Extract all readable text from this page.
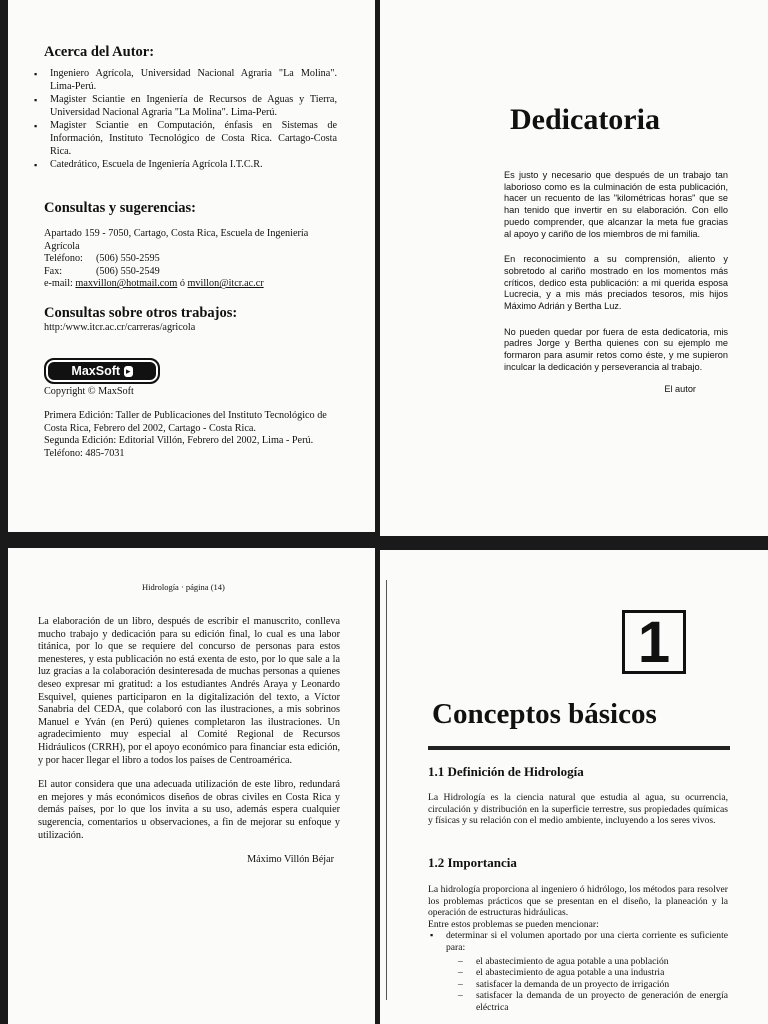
Acerca del Autor:
▪ Ingeniero Agrícola, Universidad Nacional Agraria "La Molina". Lima-Perú.
▪ Magister Sciantie en Ingeniería de Recursos de Aguas y Tierra, Universidad Nacional Agraria "La Molina". Lima-Perú.
▪ Magister Sciantie en Computación, énfasis en Sistemas de Información, Instituto Tecnológico de Costa Rica. Cartago-Costa Rica.
▪ Catedrático, Escuela de Ingeniería Agrícola I.T.C.R.
Consultas y sugerencias:
Apartado 159 - 7050, Cartago, Costa Rica, Escuela de Ingeniería Agrícola
Teléfono:	(506) 550-2595
Fax:	(506) 550-2549
e-mail: maxvillon@hotmail.com ó mvillon@itcr.ac.cr
Consultas sobre otros trabajos:
http:/www.itcr.ac.cr/carreras/agricola
MaxSoft ▸
Copyright © MaxSoft
Primera Edición: Taller de Publicaciones del Instituto Tecnológico de Costa Rica, Febrero del 2002, Cartago - Costa Rica.
Segunda Edición: Editorial Villón, Febrero del 2002, Lima - Perú.
Teléfono: 485-7031
Dedicatoria

Es justo y necesario que después de un trabajo tan laborioso como es la culminación de esta publicación, hacer un recuento de las "kilométricas horas" que se han tenido que invertir en su elaboración. Con ello puedo comprender, que alcanzar la meta fue gracias al apoyo y cariño de los miembros de mi familia.

En reconocimiento a su comprensión, aliento y sobretodo al cariño mostrado en los momentos más críticos, dedico esta publicación: a mi querida esposa Lucrecia, y a mis más preciados tesoros, mis hijos Máximo Adrián y Bertha Luz.

No pueden quedar por fuera de esta dedicatoria, mis padres Jorge y Bertha quienes con su ejemplo me formaron para asumir retos como éste, y me supieron inculcar la dedicación y perseverancia al trabajo.

El autor
Hidrología · página (14)

La elaboración de un libro, después de escribir el manuscrito, conlleva mucho trabajo y dedicación para su edición final, lo cual es una labor titánica, por lo que se requiere del concurso de personas para estos menesteres, y esta publicación no está exenta de esto, por lo que sale a la luz gracias a la colaboración desinteresada de muchas personas a quienes deseo expresar mi gratitud: a los estudiantes Andrés Araya y Leonardo Esquivel, quienes participaron en la digitalización del texto, a Víctor Sanabria del CEDA, que colaboró con las ilustraciones, a mis sobrinos Manuel e Yván (en Perú) quienes completaron las ilustraciones. Un agradecimiento muy especial al Comité Regional de Recursos Hidráulicos (CRRH), por el apoyo económico para financiar esta edición, y por hacer llegar el libro a todos los países de Centroamérica.

El autor considera que una adecuada utilización de este libro, redundará en mejores y más económicos diseños de obras civiles en Costa Rica y demás países, por lo que los invita a su uso, además espera cualquier sugerencia, comentarios u observaciones, a fin de mejorar su enfoque y utilización.

Máximo Villón Béjar
1
Conceptos básicos
1.1 Definición de Hidrología
La Hidrología es la ciencia natural que estudia al agua, su ocurrencia, circulación y distribución en la superficie terrestre, sus propiedades químicas y físicas y su relación con el medio ambiente, incluyendo a los seres vivos.
1.2 Importancia
La hidrología proporciona al ingeniero ó hidrólogo, los métodos para resolver los problemas prácticos que se presentan en el diseño, la planeación y la operación de estructuras hidráulicas.
Entre estos problemas se pueden mencionar:
▪ determinar si el volumen aportado por una cierta corriente es suficiente para:
– el abastecimiento de agua potable a una población
– el abastecimiento de agua potable a una industria
– satisfacer la demanda de un proyecto de irrigación
– satisfacer la demanda de un proyecto de generación de energía eléctrica
